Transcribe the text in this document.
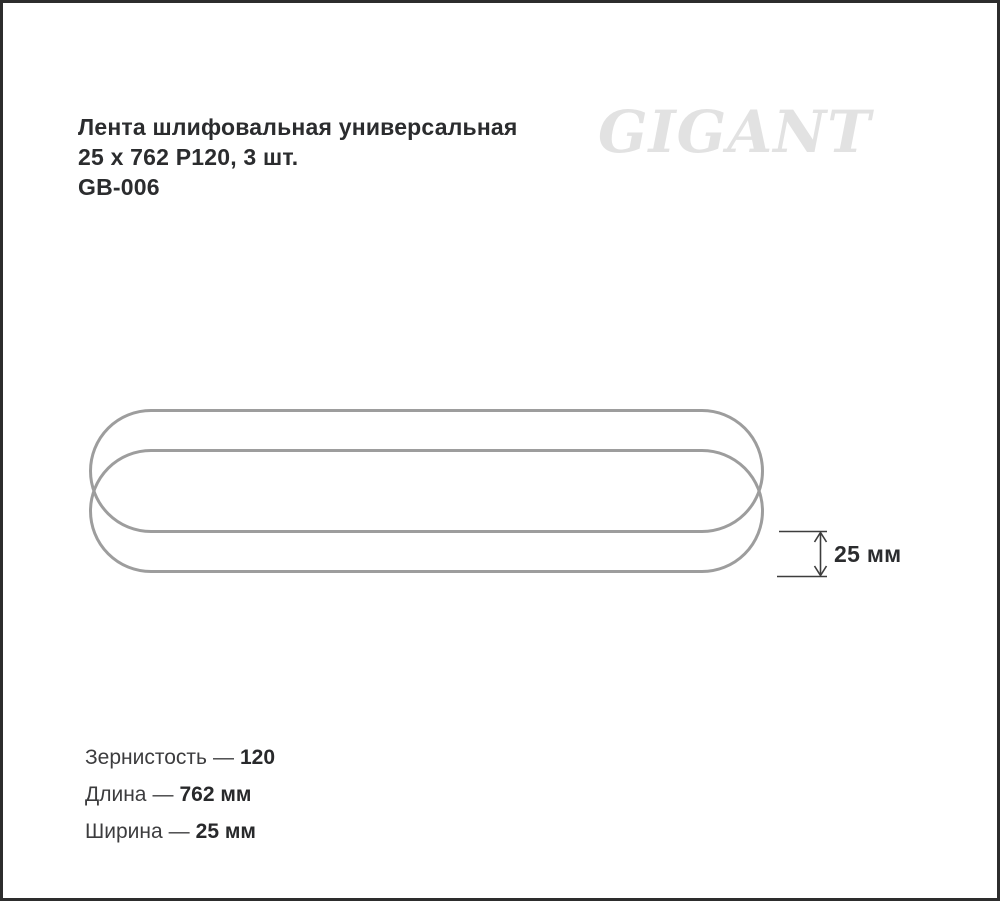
Лента шлифовальная универсальная
25 х 762 P120, 3 шт.
GB-006
GIGANT
25 мм
Зернистость — 120
Длина — 762 мм
Ширина — 25 мм
